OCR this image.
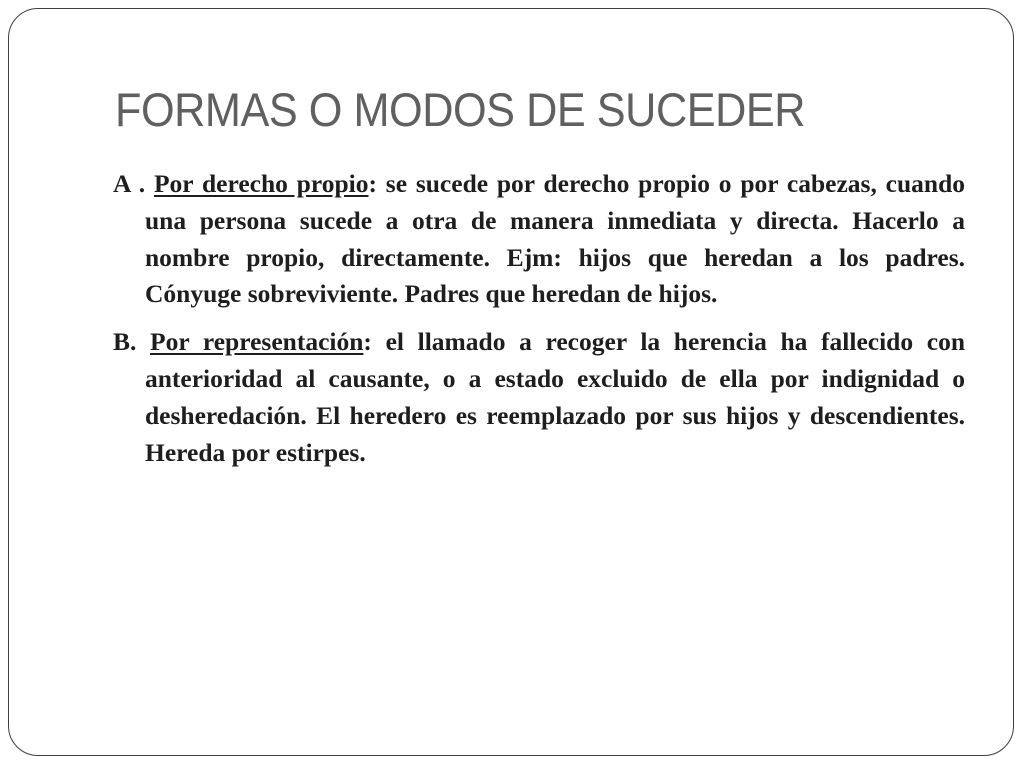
FORMAS O MODOS DE SUCEDER

A . Por derecho propio: se sucede por derecho propio o por cabezas, cuando una persona sucede a otra de manera inmediata y directa. Hacerlo a nombre propio, directamente. Ejm: hijos que heredan a los padres. Cónyuge sobreviviente. Padres que heredan de hijos.

B. Por representación: el llamado a recoger la herencia ha fallecido con anterioridad al causante, o a estado excluido de ella por indignidad o desheredación. El heredero es reemplazado por sus hijos y descendientes. Hereda por estirpes.
